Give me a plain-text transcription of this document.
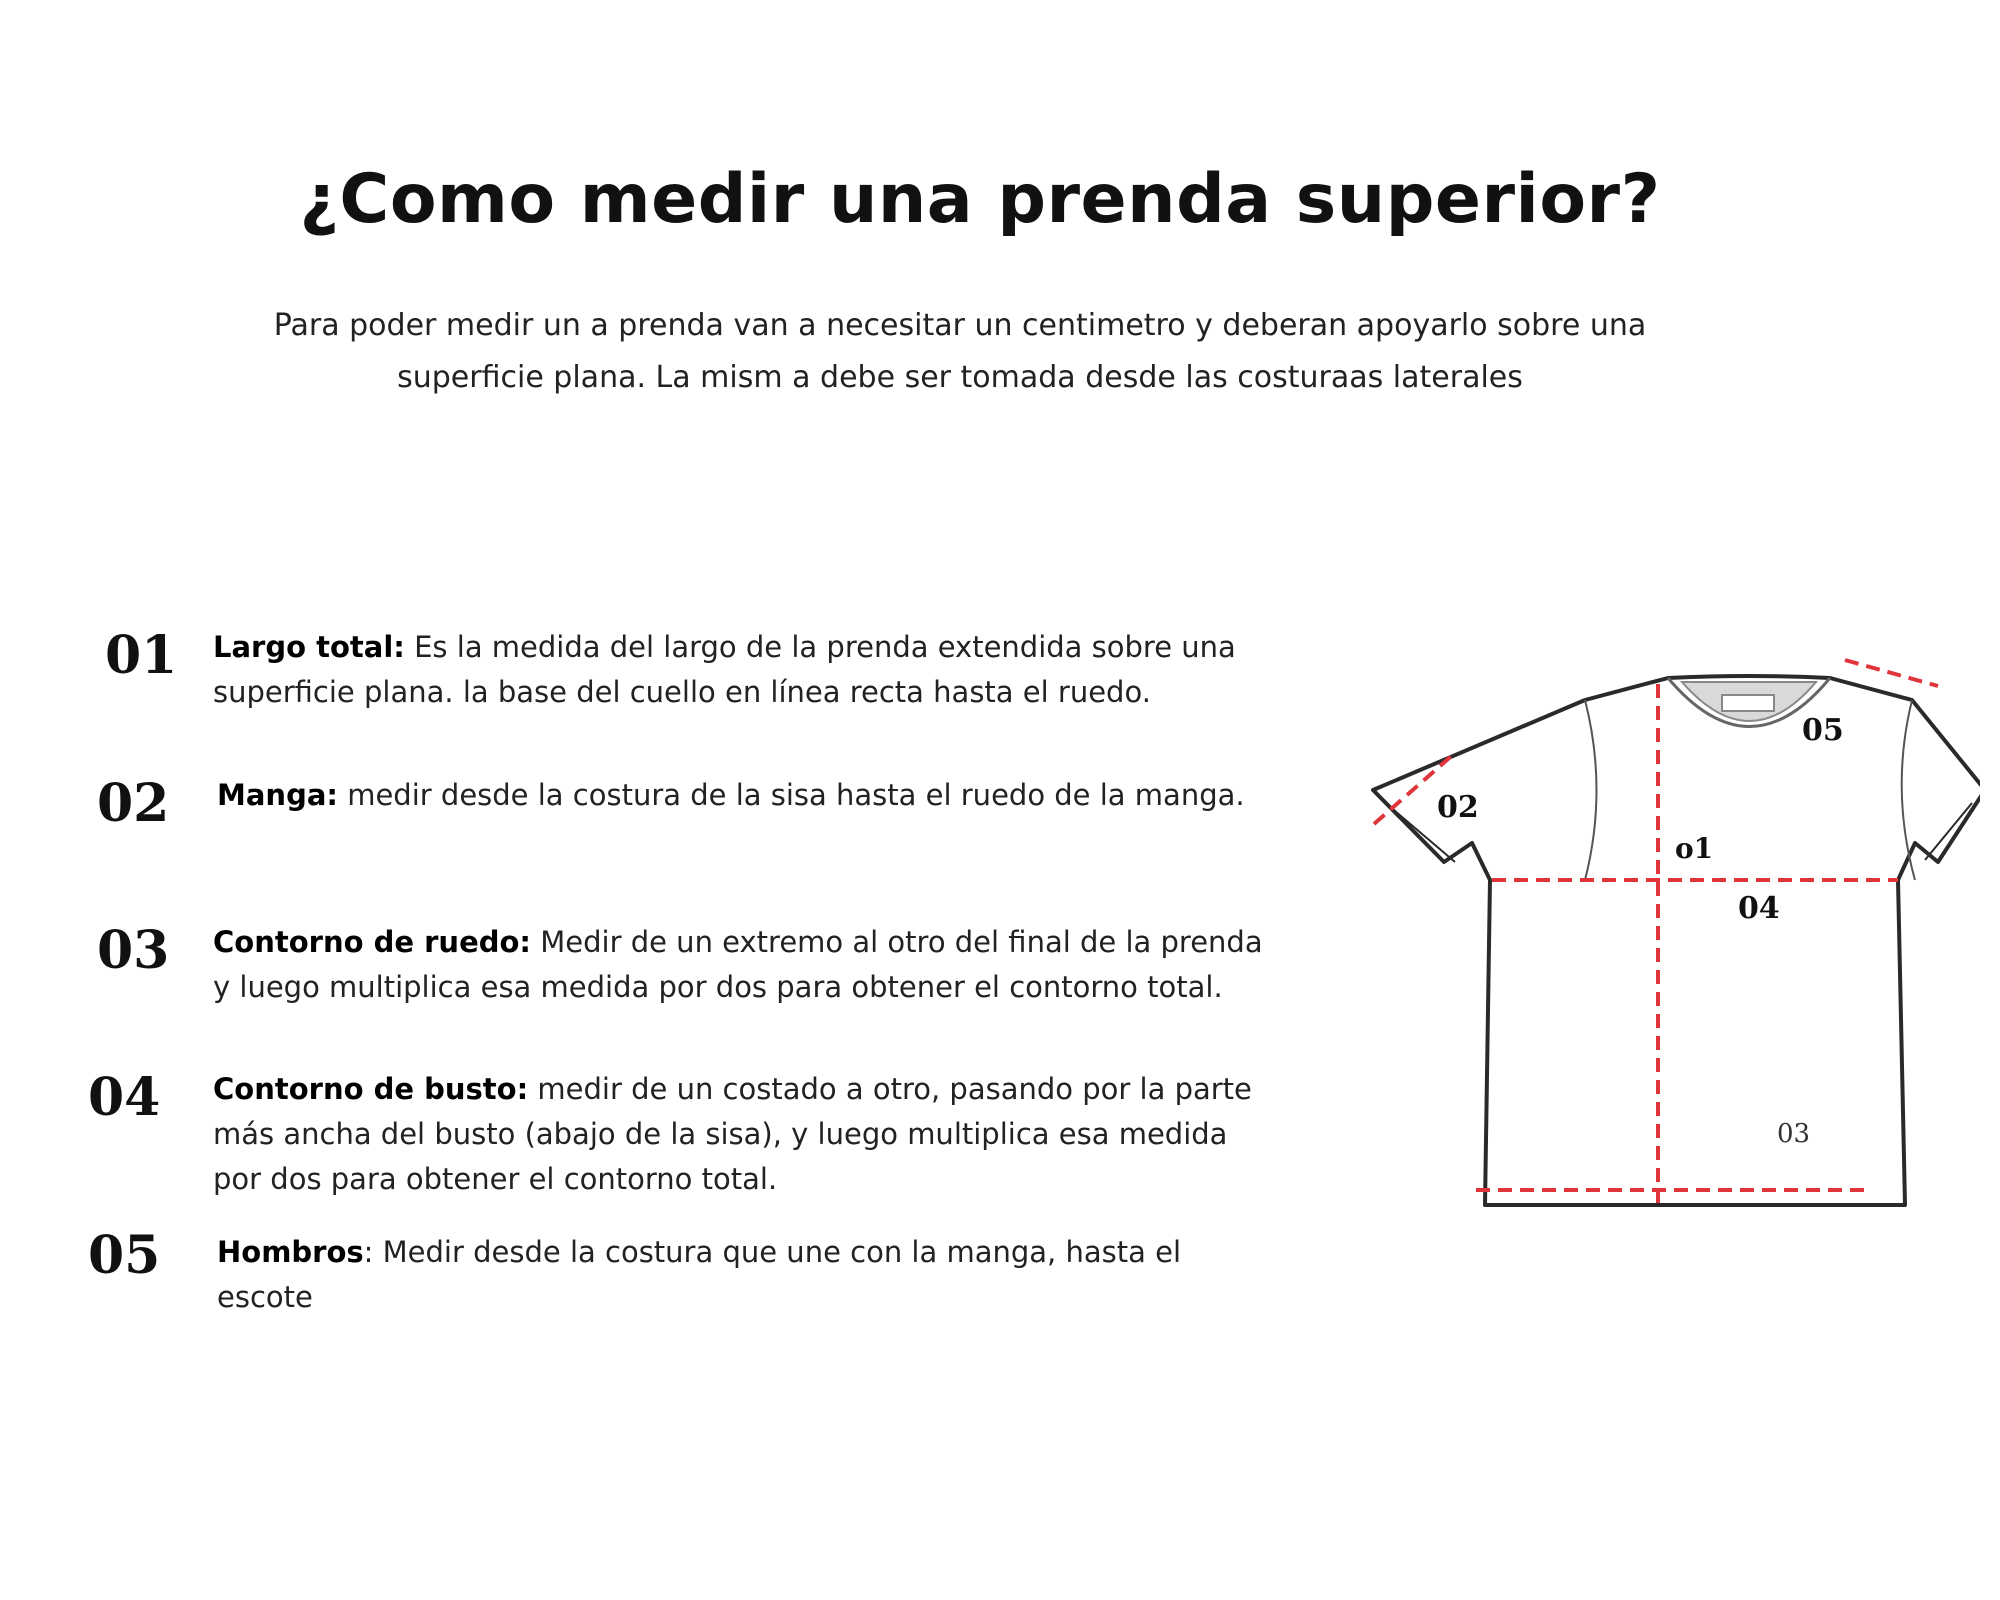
¿Como medir una prenda superior?

Para poder medir un a prenda van a necesitar un centimetro y deberan apoyarlo sobre una superficie plana. La mism a debe ser tomada desde las costuraas laterales

01 Largo total: Es la medida del largo de la prenda extendida sobre una superficie plana. la base del cuello en línea recta hasta el ruedo.
02 Manga: medir desde la costura de la sisa hasta el ruedo de la manga.
03 Contorno de ruedo: Medir de un extremo al otro del final de la prenda y luego multiplica esa medida por dos para obtener el contorno total.
04 Contorno de busto: medir de un costado a otro, pasando por la parte más ancha del busto (abajo de la sisa), y luego multiplica esa medida por dos para obtener el contorno total.
05 Hombros: Medir desde la costura que une con la manga, hasta el escote
o1
02
03
04
05
